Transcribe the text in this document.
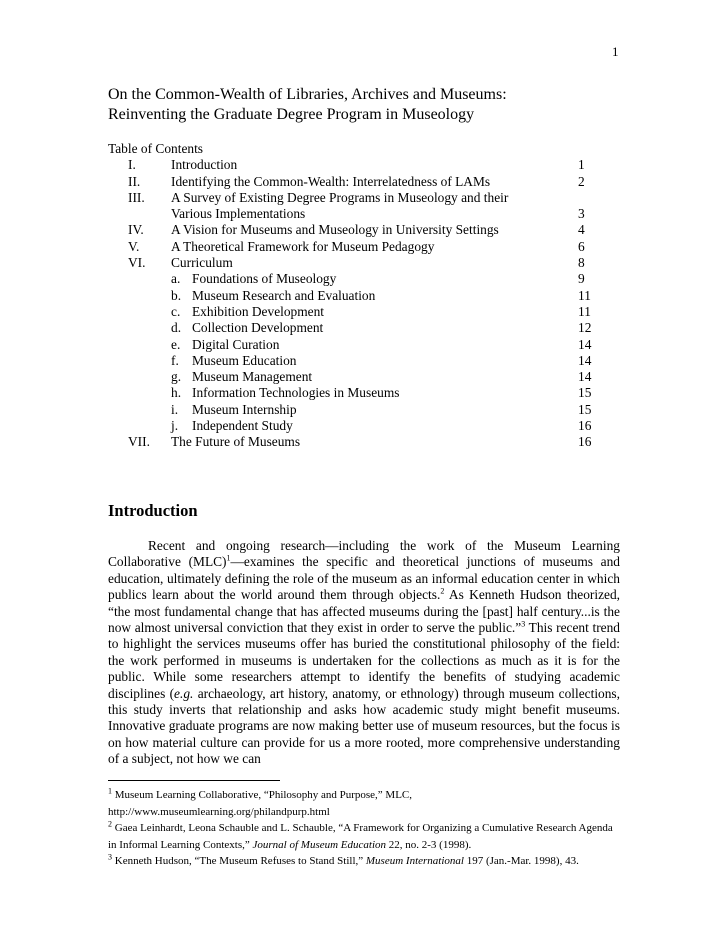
1
On the Common-Wealth of Libraries, Archives and Museums:
Reinventing the Graduate Degree Program in Museology
Table of Contents
I.	Introduction	1
II. Identifying the Common-Wealth: Interrelatedness of LAMs	2
III. A Survey of Existing Degree Programs in Museology and their
Various Implementations	3
IV. A Vision for Museums and Museology in University Settings	4
V. A Theoretical Framework for Museum Pedagogy	6
VI. Curriculum	8
a. Foundations of Museology	9
b. Museum Research and Evaluation	11
c. Exhibition Development	11
d. Collection Development	12
e. Digital Curation	14
f. Museum Education	14
g. Museum Management	14
h. Information Technologies in Museums	15
i. Museum Internship	15
j. Independent Study	16
VII. The Future of Museums	16
Introduction

Recent and ongoing research—including the work of the Museum Learning Collaborative (MLC)$^1$—examines the specific and theoretical junctions of museums and education, ultimately defining the role of the museum as an informal education center in which publics learn about the world around them through objects.$^2$ As Kenneth Hudson theorized, “the most fundamental change that has affected museums during the [past] half century...is the now almost universal conviction that they exist in order to serve the public.”$^3$ This recent trend to highlight the services museums offer has buried the constitutional philosophy of the field: the work performed in museums is undertaken for the collections as much as it is for the public. While some researchers attempt to identify the benefits of studying academic disciplines (e.g. archaeology, art history, anatomy, or ethnology) through museum collections, this study inverts that relationship and asks how academic study might benefit museums. Innovative graduate programs are now making better use of museum resources, but the focus is on how material culture can provide for us a more rooted, more comprehensive understanding of a subject, not how we can

$^1$ Museum Learning Collaborative, “Philosophy and Purpose,” MLC,
http://www.museumlearning.org/philandpurp.html
$^2$ Gaea Leinhardt, Leona Schauble and L. Schauble, “A Framework for Organizing a Cumulative Research Agenda in Informal Learning Contexts,” Journal of Museum Education 22, no. 2-3 (1998).
$^3$ Kenneth Hudson, “The Museum Refuses to Stand Still,” Museum International 197 (Jan.-Mar. 1998), 43.
